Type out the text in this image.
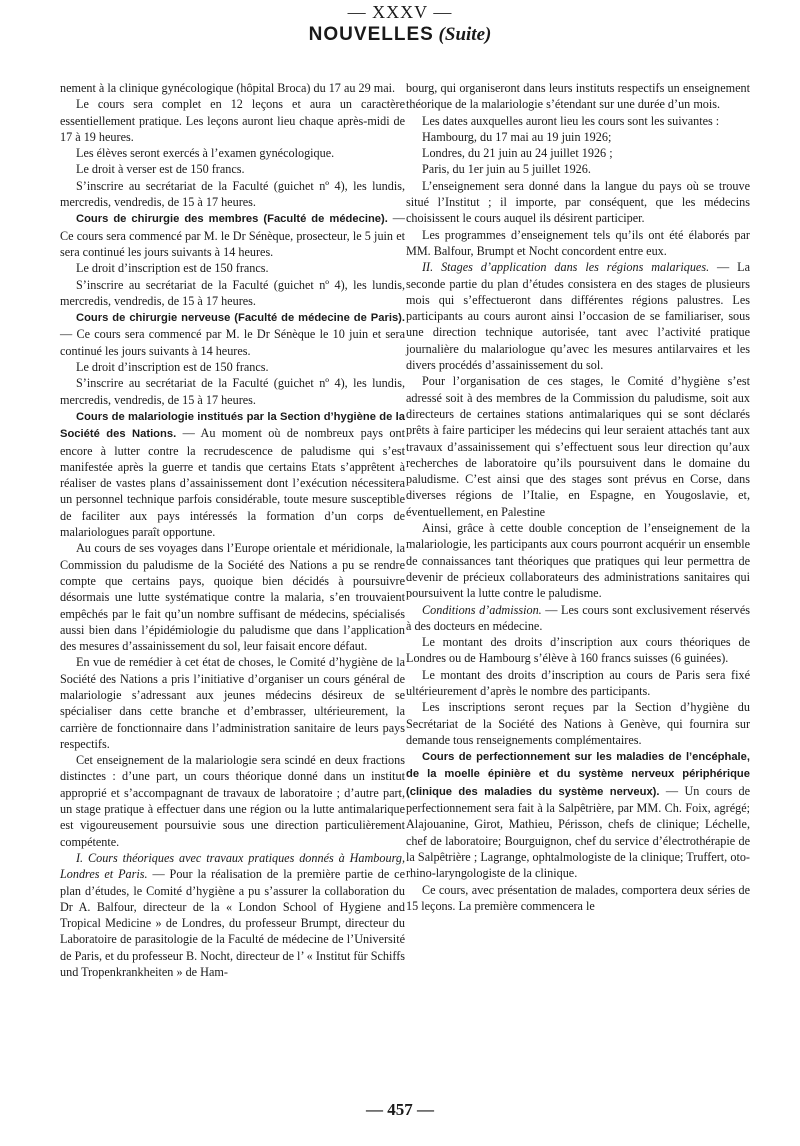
— XXXV —
NOUVELLES (Suite)

nement à la clinique gynécologique (hôpital Broca) du 17 au 29 mai.

Le cours sera complet en 12 leçons et aura un caractère essentiellement pratique. Les leçons auront lieu chaque après-midi de 17 à 19 heures.

Les élèves seront exercés à l’examen gynécologique.

Le droit à verser est de 150 francs.

S’inscrire au secrétariat de la Faculté (guichet nº 4), les lundis, mercredis, vendredis, de 15 à 17 heures.

Cours de chirurgie des membres (Faculté de médecine). — Ce cours sera commencé par M. le Dr Sénèque, prosecteur, le 5 juin et sera continué les jours suivants à 14 heures.

Le droit d’inscription est de 150 francs.

S’inscrire au secrétariat de la Faculté (guichet nº 4), les lundis, mercredis, vendredis, de 15 à 17 heures.

Cours de chirurgie nerveuse (Faculté de médecine de Paris). — Ce cours sera commencé par M. le Dr Sénèque le 10 juin et sera continué les jours suivants à 14 heures.

Le droit d’inscription est de 150 francs.

S’inscrire au secrétariat de la Faculté (guichet nº 4), les lundis, mercredis, vendredis, de 15 à 17 heures.

Cours de malariologie institués par la Section d’hygiène de la Société des Nations. — Au moment où de nombreux pays ont encore à lutter contre la recrudescence de paludisme qui s’est manifestée après la guerre et tandis que certains Etats s’apprêtent à réaliser de vastes plans d’assainissement dont l’exécution nécessitera un personnel technique parfois considérable, toute mesure susceptible de faciliter aux pays intéressés la formation d’un corps de malariologues paraît opportune.

Au cours de ses voyages dans l’Europe orientale et méridionale, la Commission du paludisme de la Société des Nations a pu se rendre compte que certains pays, quoique bien décidés à poursuivre désormais une lutte systématique contre la malaria, s’en trouvaient empêchés par le fait qu’un nombre suffisant de médecins, spécialisés aussi bien dans l’épidémiologie du paludisme que dans l’application des mesures d’assainissement du sol, leur faisait encore défaut.

En vue de remédier à cet état de choses, le Comité d’hygiène de la Société des Nations a pris l’initiative d’organiser un cours général de malariologie s’adressant aux jeunes médecins désireux de se spécialiser dans cette branche et d’embrasser, ultérieurement, la carrière de fonctionnaire dans l’administration sanitaire de leurs pays respectifs.

Cet enseignement de la malariologie sera scindé en deux fractions distinctes : d’une part, un cours théorique donné dans un institut approprié et s’accompagnant de travaux de laboratoire ; d’autre part, un stage pratique à effectuer dans une région ou la lutte antimalarique est vigoureusement poursuivie sous une direction particulièrement compétente.

I. Cours théoriques avec travaux pratiques donnés à Hambourg, Londres et Paris. — Pour la réalisation de la première partie de ce plan d’études, le Comité d’hygiène a pu s’assurer la collaboration du Dr A. Balfour, directeur de la « London School of Hygiene and Tropical Medicine » de Londres, du professeur Brumpt, directeur du Laboratoire de parasitologie de la Faculté de médecine de l’Université de Paris, et du professeur B. Nocht, directeur de l’ « Institut für Schiffs und Tropenkrankheiten » de Ham-

bourg, qui organiseront dans leurs instituts respectifs un enseignement théorique de la malariologie s’étendant sur une durée d’un mois.

Les dates auxquelles auront lieu les cours sont les suivantes :

Hambourg, du 17 mai au 19 juin 1926;

Londres, du 21 juin au 24 juillet 1926 ;

Paris, du 1er juin au 5 juillet 1926.

L’enseignement sera donné dans la langue du pays où se trouve situé l’Institut ; il importe, par conséquent, que les médecins choisissent le cours auquel ils désirent participer.

Les programmes d’enseignement tels qu’ils ont été élaborés par MM. Balfour, Brumpt et Nocht concordent entre eux.

II. Stages d’application dans les régions malariques. — La seconde partie du plan d’études consistera en des stages de plusieurs mois qui s’effectueront dans différentes régions palustres. Les participants au cours auront ainsi l’occasion de se familiariser, sous une direction technique autorisée, tant avec l’activité pratique journalière du malariologue qu’avec les mesures antilarvaires et les divers procédés d’assainissement du sol.

Pour l’organisation de ces stages, le Comité d’hygiène s’est adressé soit à des membres de la Commission du paludisme, soit aux directeurs de certaines stations antimalariques qui se sont déclarés prêts à faire participer les médecins qui leur seraient attachés tant aux travaux d’assainissement qui s’effectuent sous leur direction qu’aux recherches de laboratoire qu’ils poursuivent dans le domaine du paludisme. C’est ainsi que des stages sont prévus en Corse, dans diverses régions de l’Italie, en Espagne, en Yougoslavie, et, éventuellement, en Palestine

Ainsi, grâce à cette double conception de l’enseignement de la malariologie, les participants aux cours pourront acquérir un ensemble de connaissances tant théoriques que pratiques qui leur permettra de devenir de précieux collaborateurs des administrations sanitaires qui poursuivent la lutte contre le paludisme.

Conditions d’admission. — Les cours sont exclusivement réservés à des docteurs en médecine.

Le montant des droits d’inscription aux cours théoriques de Londres ou de Hambourg s’élève à 160 francs suisses (6 guinées).

Le montant des droits d’inscription au cours de Paris sera fixé ultérieurement d’après le nombre des participants.

Les inscriptions seront reçues par la Section d’hygiène du Secrétariat de la Société des Nations à Genève, qui fournira sur demande tous renseignements complémentaires.

Cours de perfectionnement sur les maladies de l’encéphale, de la moelle épinière et du système nerveux périphérique (clinique des maladies du système nerveux). — Un cours de perfectionnement sera fait à la Salpêtrière, par MM. Ch. Foix, agrégé; Alajouanine, Girot, Mathieu, Périsson, chefs de clinique; Léchelle, chef de laboratoire; Bourguignon, chef du service d’électrothérapie de la Salpêtrière ; Lagrange, ophtalmologiste de la clinique; Truffert, oto-rhino-laryngologiste de la clinique.

Ce cours, avec présentation de malades, comportera deux séries de 15 leçons. La première commencera le

— 457 —
